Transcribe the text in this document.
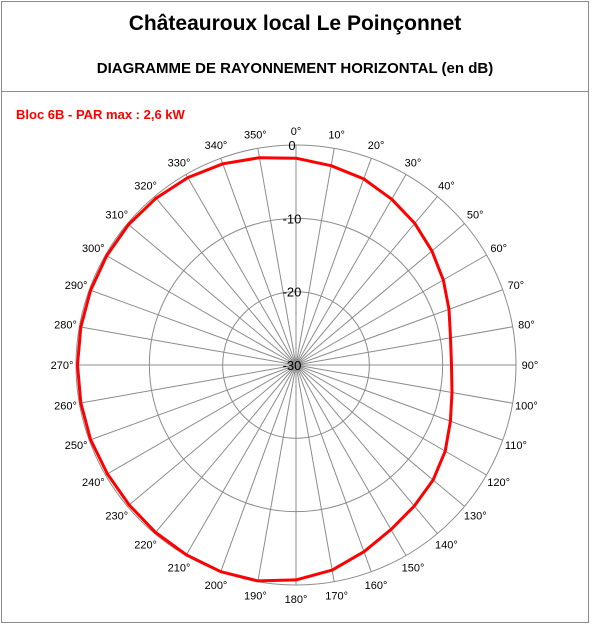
Châteauroux local Le Poinçonnet
DIAGRAMME DE RAYONNEMENT HORIZONTAL (en dB)
Bloc 6B - PAR max : 2,6 kW
0° 10°
20°
30°
40°
50°
60°
70°
80°
90°
100°
110°
120°
130°
140°
150°
160°
170°
180°
190°
200°
210°
220°
230°
240°
250°
260°
270°
280°
290°
300°
310°
320°
330°
340°
350°
0
-10
-20
-30
